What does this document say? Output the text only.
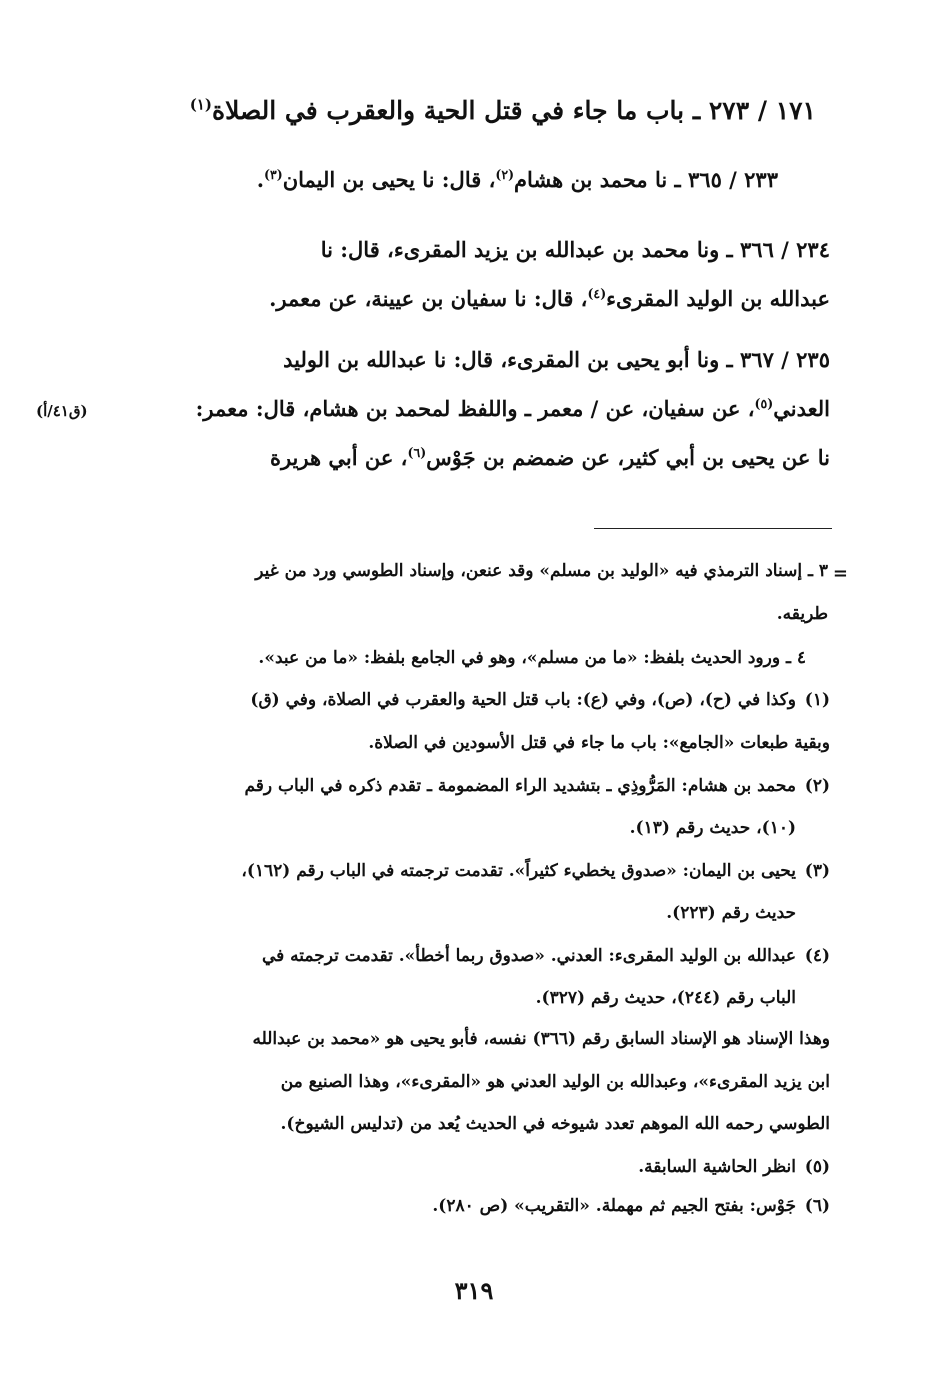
١٧١ / ٢٧٣ ـ باب ما جاء في قتل الحية والعقرب في الصلاة$^{(١)}$
٢٣٣ / ٣٦٥ ـ نا محمد بن هشام$^{(٢)}$، قال: نا يحيى بن اليمان$^{(٣)}$.
٢٣٤ / ٣٦٦ ـ ونا محمد بن عبدالله بن يزيد المقرىء، قال: نا
عبدالله بن الوليد المقرىء$^{(٤)}$، قال: نا سفيان بن عيينة، عن معمر.
٢٣٥ / ٣٦٧ ـ ونا أبو يحيى بن المقرىء، قال: نا عبدالله بن الوليد
العدني$^{(٥)}$، عن سفيان، عن / معمر ـ واللفظ لمحمد بن هشام، قال: معمر:
(ق٤١/أ)
نا عن يحيى بن أبي كثير، عن ضمضم بن جَوْس$^{(٦)}$، عن أبي هريرة
=
٣ ـ إسناد الترمذي فيه «الوليد بن مسلم» وقد عنعن، وإسناد الطوسي ورد من غير
طريقه.
٤ ـ ورود الحديث بلفظ: «ما من مسلم»، وهو في الجامع بلفظ: «ما من عبد».
(١)وكذا في (ح)، (ص)، وفي (ع): باب قتل الحية والعقرب في الصلاة، وفي (ق)
وبقية طبعات «الجامع»: باب ما جاء في قتل الأسودين في الصلاة.
(٢)محمد بن هشام: المَرُّوذِي ـ بتشديد الراء المضمومة ـ تقدم ذكره في الباب رقم
(١٠)، حديث رقم (١٣).
(٣)يحيى بن اليمان: «صدوق يخطيء كثيراً». تقدمت ترجمته في الباب رقم (١٦٢)،
حديث رقم (٢٢٣).
(٤)عبدالله بن الوليد المقرىء: العدني. «صدوق ربما أخطأ». تقدمت ترجمته في
الباب رقم (٢٤٤)، حديث رقم (٣٢٧).
وهذا الإسناد هو الإسناد السابق رقم (٣٦٦) نفسه، فأبو يحيى هو «محمد بن عبدالله
ابن يزيد المقرىء»، وعبدالله بن الوليد العدني هو «المقرىء»، وهذا الصنيع من
الطوسي رحمه الله الموهم تعدد شيوخه في الحديث يُعد من (تدليس الشيوخ).
(٥)انظر الحاشية السابقة.
(٦)جَوْس: بفتح الجيم ثم مهملة. «التقريب» (ص ٢٨٠).
٣١٩
